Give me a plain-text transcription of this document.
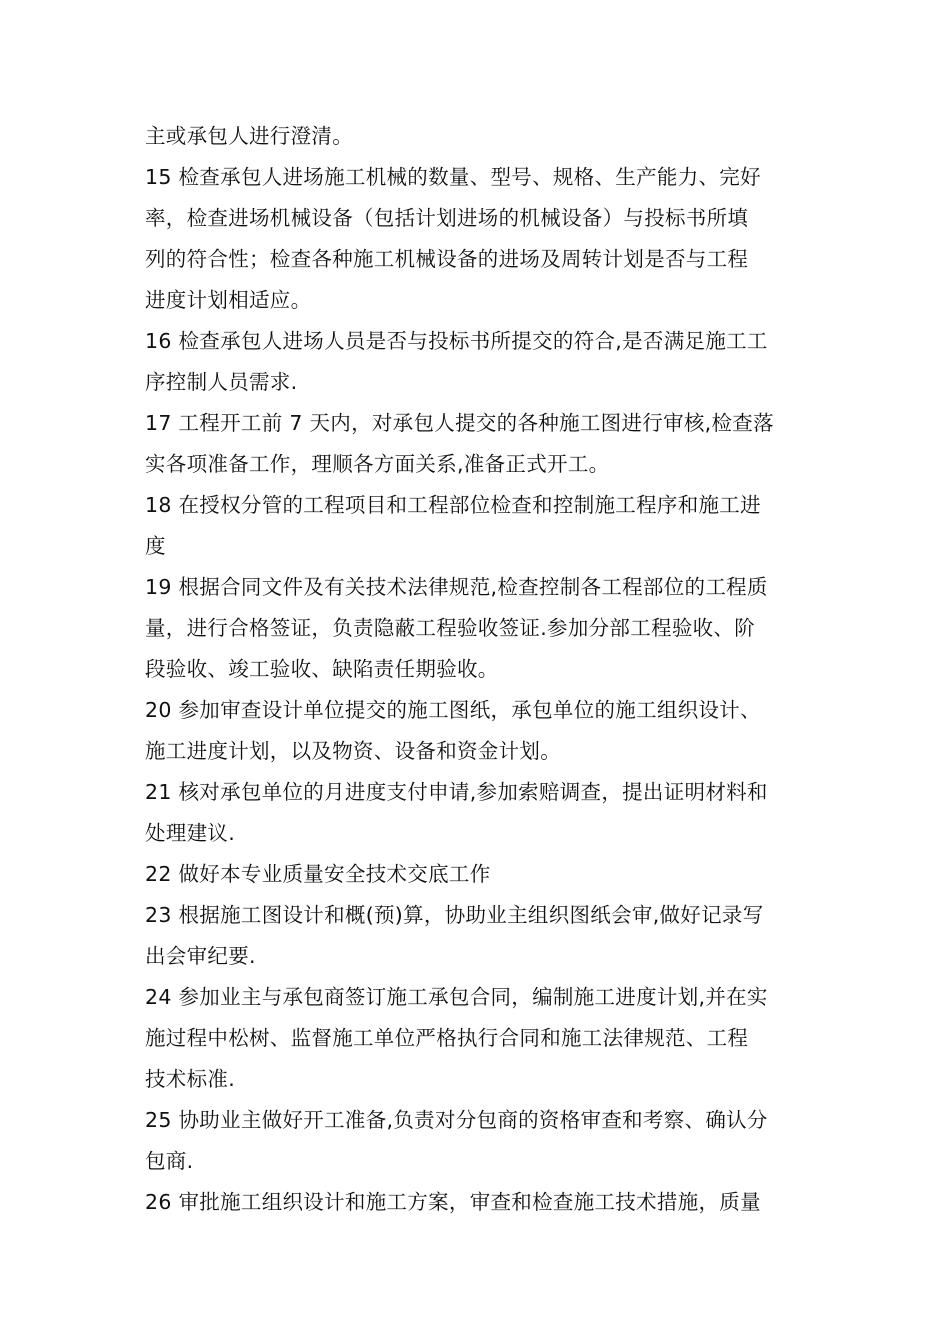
主或承包人进行澄清。
15 检查承包人进场施工机械的数量、型号、规格、生产能力、完好
率，检查进场机械设备（包括计划进场的机械设备）与投标书所填
列的符合性；检查各种施工机械设备的进场及周转计划是否与工程
进度计划相适应。
16 检查承包人进场人员是否与投标书所提交的符合,是否满足施工工
序控制人员需求.
17 工程开工前 7 天内，对承包人提交的各种施工图进行审核,检查落
实各项准备工作，理顺各方面关系,准备正式开工。
18 在授权分管的工程项目和工程部位检查和控制施工程序和施工进
度
19 根据合同文件及有关技术法律规范,检查控制各工程部位的工程质
量，进行合格签证，负责隐蔽工程验收签证.参加分部工程验收、阶
段验收、竣工验收、缺陷责任期验收。
20 参加审查设计单位提交的施工图纸，承包单位的施工组织设计、
施工进度计划，以及物资、设备和资金计划。
21 核对承包单位的月进度支付申请,参加索赔调查，提出证明材料和
处理建议.
22 做好本专业质量安全技术交底工作
23 根据施工图设计和概(预)算，协助业主组织图纸会审,做好记录写
出会审纪要.
24 参加业主与承包商签订施工承包合同，编制施工进度计划,并在实
施过程中松树、监督施工单位严格执行合同和施工法律规范、工程
技术标准.
25 协助业主做好开工准备,负责对分包商的资格审查和考察、确认分
包商.
26 审批施工组织设计和施工方案，审查和检查施工技术措施，质量
